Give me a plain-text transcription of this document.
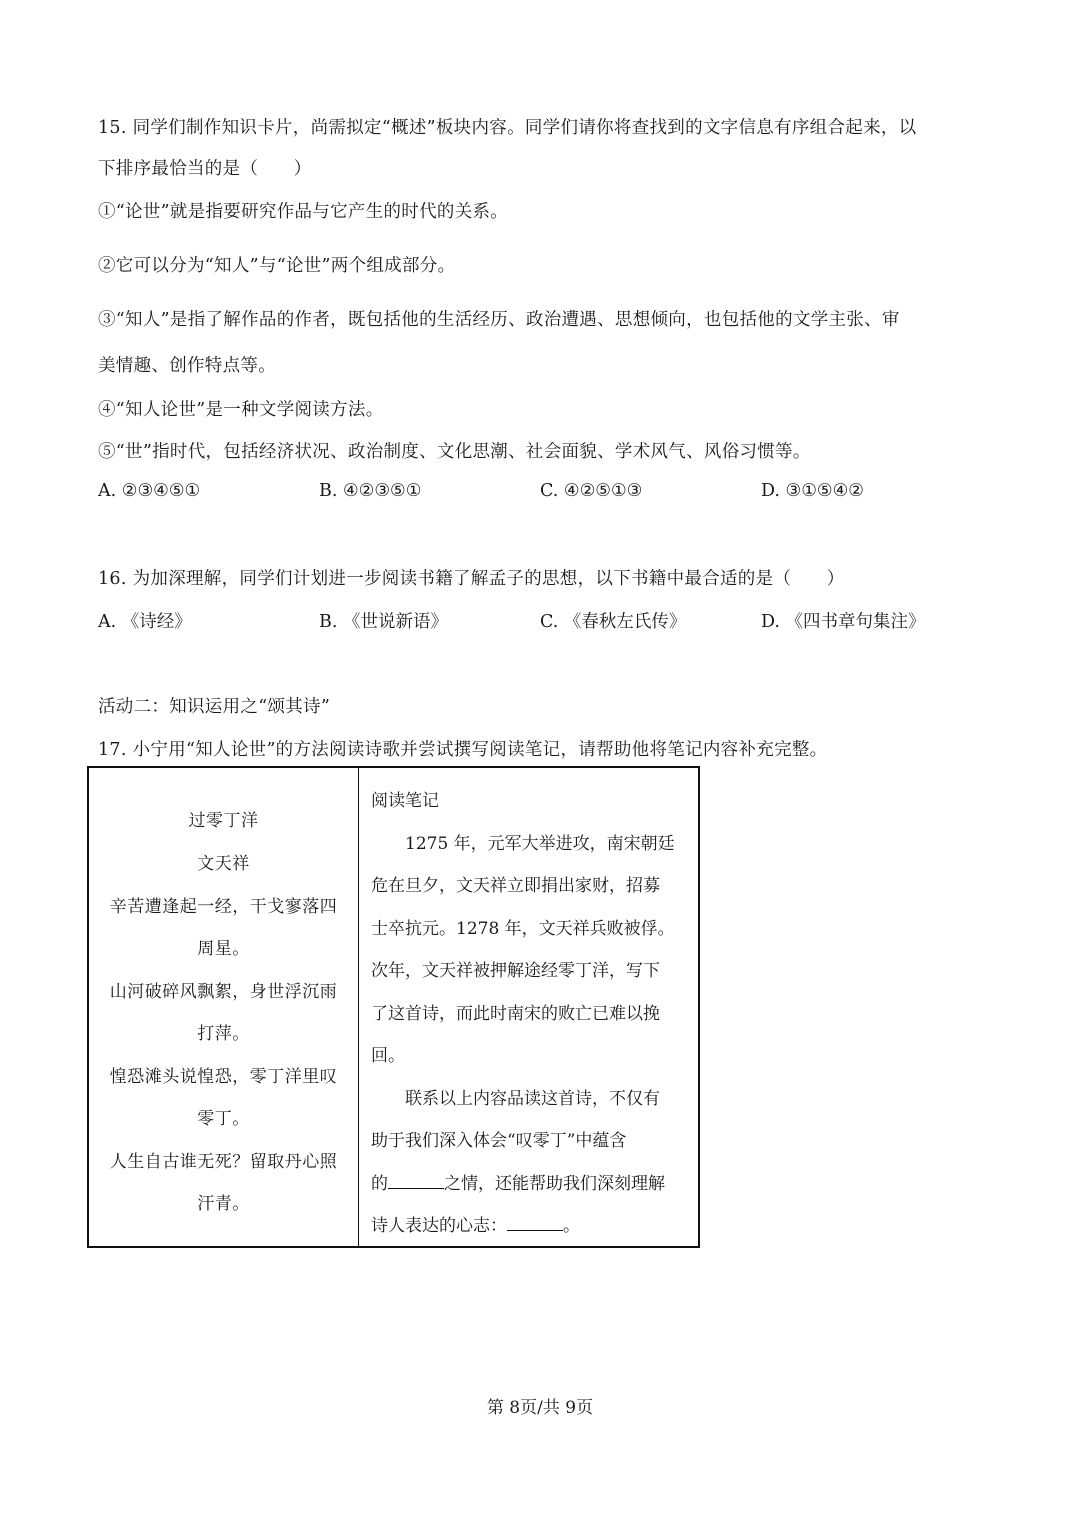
15. 同学们制作知识卡片，尚需拟定“概述”板块内容。同学们请你将查找到的文字信息有序组合起来，以
下排序最恰当的是（　　）
①“论世”就是指要研究作品与它产生的时代的关系。
②它可以分为“知人”与“论世”两个组成部分。
③“知人”是指了解作品的作者，既包括他的生活经历、政治遭遇、思想倾向，也包括他的文学主张、审
美情趣、创作特点等。
④“知人论世”是一种文学阅读方法。
⑤“世”指时代，包括经济状况、政治制度、文化思潮、社会面貌、学术风气、风俗习惯等。
A. ②③④⑤①	B. ④②③⑤①	C. ④②⑤①③	D. ③①⑤④②
16. 为加深理解，同学们计划进一步阅读书籍了解孟子的思想，以下书籍中最合适的是（　　）
A. 《诗经》	B. 《世说新语》	C. 《春秋左氏传》	D. 《四书章句集注》
活动二：知识运用之“颂其诗”
17. 小宁用“知人论世”的方法阅读诗歌并尝试撰写阅读笔记，请帮助他将笔记内容补充完整。
过零丁洋
文天祥
辛苦遭逢起一经，干戈寥落四
周星。
山河破碎风飘絮，身世浮沉雨
打萍。
惶恐滩头说惶恐，零丁洋里叹
零丁。
人生自古谁无死？留取丹心照
汗青。
阅读笔记
1275 年，元军大举进攻，南宋朝廷
危在旦夕，文天祥立即捐出家财，招募
士卒抗元。1278 年，文天祥兵败被俘。
次年，文天祥被押解途经零丁洋，写下
了这首诗，而此时南宋的败亡已难以挽
回。
联系以上内容品读这首诗，不仅有
助于我们深入体会“叹零丁”中蕴含
的	之情，还能帮助我们深刻理解
诗人表达的心志：	。
第 8页/共 9页
